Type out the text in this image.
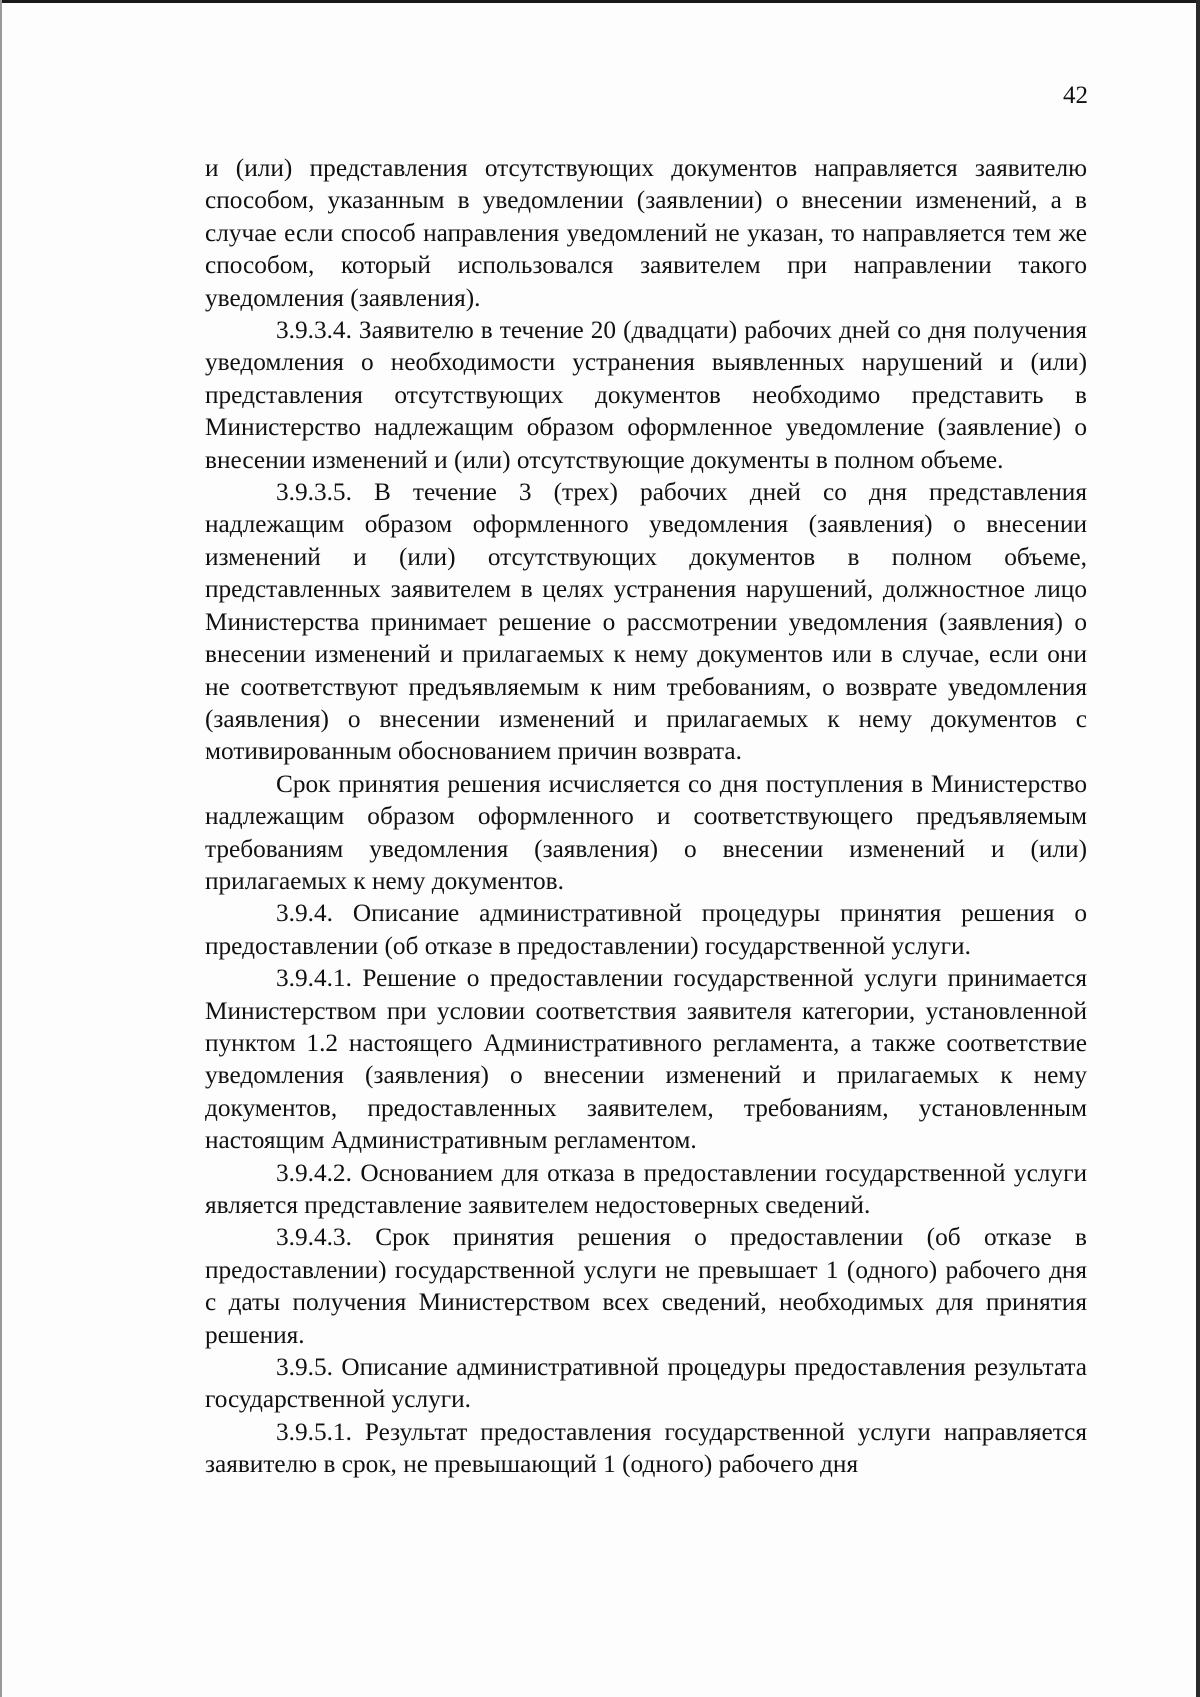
42

и (или) представления отсутствующих документов направляется заявителю способом, указанным в уведомлении (заявлении) о внесении изменений, а в случае если способ направления уведомлений не указан, то направляется тем же способом, который использовался заявителем при направлении такого уведомления (заявления).

3.9.3.4. Заявителю в течение 20 (двадцати) рабочих дней со дня получения уведомления о необходимости устранения выявленных нарушений и (или) представления отсутствующих документов необходимо представить в Министерство надлежащим образом оформленное уведомление (заявление) о внесении изменений и (или) отсутствующие документы в полном объеме.

3.9.3.5. В течение 3 (трех) рабочих дней со дня представления надлежащим образом оформленного уведомления (заявления) о внесении изменений и (или) отсутствующих документов в полном объеме, представленных заявителем в целях устранения нарушений, должностное лицо Министерства принимает решение о рассмотрении уведомления (заявления) о внесении изменений и прилагаемых к нему документов или в случае, если они не соответствуют предъявляемым к ним требованиям, о возврате уведомления (заявления) о внесении изменений и прилагаемых к нему документов с мотивированным обоснованием причин возврата.

Срок принятия решения исчисляется со дня поступления в Министерство надлежащим образом оформленного и соответствующего предъявляемым требованиям уведомления (заявления) о внесении изменений и (или) прилагаемых к нему документов.

3.9.4. Описание административной процедуры принятия решения о предоставлении (об отказе в предоставлении) государственной услуги.

3.9.4.1. Решение о предоставлении государственной услуги принимается Министерством при условии соответствия заявителя категории, установленной пунктом 1.2 настоящего Административного регламента, а также соответствие уведомления (заявления) о внесении изменений и прилагаемых к нему документов, предоставленных заявителем, требованиям, установленным настоящим Административным регламентом.

3.9.4.2. Основанием для отказа в предоставлении государственной услуги является представление заявителем недостоверных сведений.

3.9.4.3. Срок принятия решения о предоставлении (об отказе в предоставлении) государственной услуги не превышает 1 (одного) рабочего дня с даты получения Министерством всех сведений, необходимых для принятия решения.

3.9.5. Описание административной процедуры предоставления результата государственной услуги.

3.9.5.1. Результат предоставления государственной услуги направляется заявителю в срок, не превышающий 1 (одного) рабочего дня
